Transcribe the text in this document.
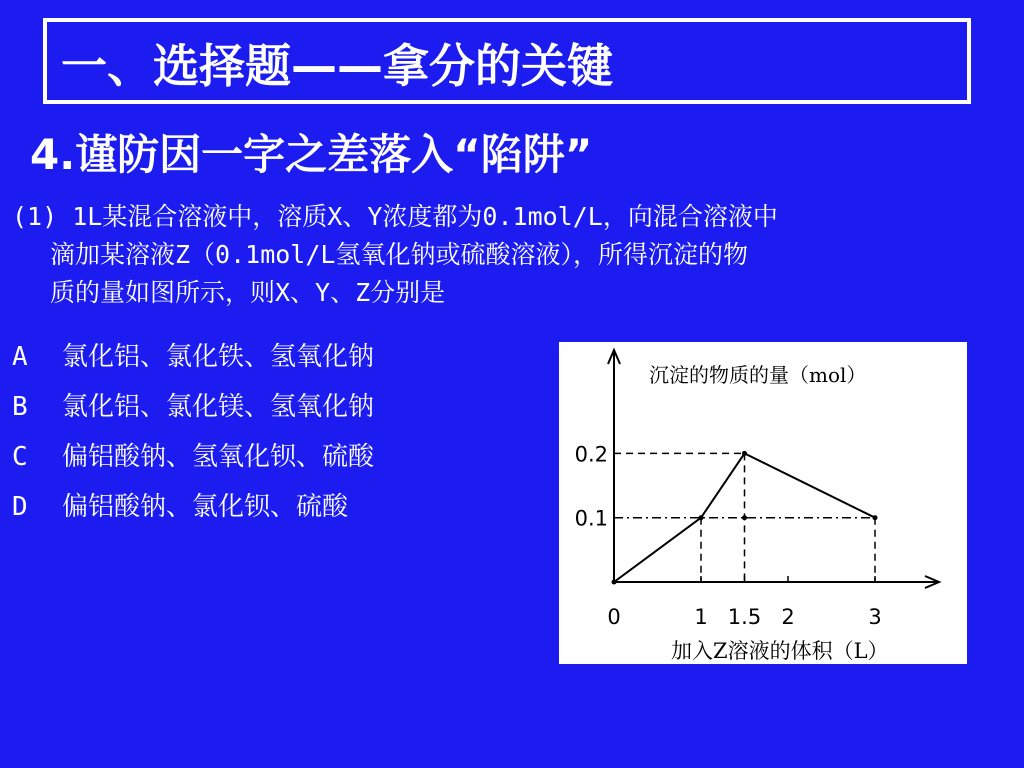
一、选择题——拿分的关键
4.谨防因一字之差落入“陷阱”
(1) 1L某混合溶液中，溶质X、Y浓度都为0.1mol/L，向混合溶液中
滴加某溶液Z（0.1mol/L氢氧化钠或硫酸溶液），所得沉淀的物
质的量如图所示，则X、Y、Z分别是
A 氯化铝、氯化铁、氢氧化钠
B 氯化铝、氯化镁、氢氧化钠
C 偏铝酸钠、氢氧化钡、硫酸
D 偏铝酸钠、氯化钡、硫酸
沉淀的物质的量（mol）
加入Z溶液的体积（L）
0	1 1.5 2	3
0.1
0.2
